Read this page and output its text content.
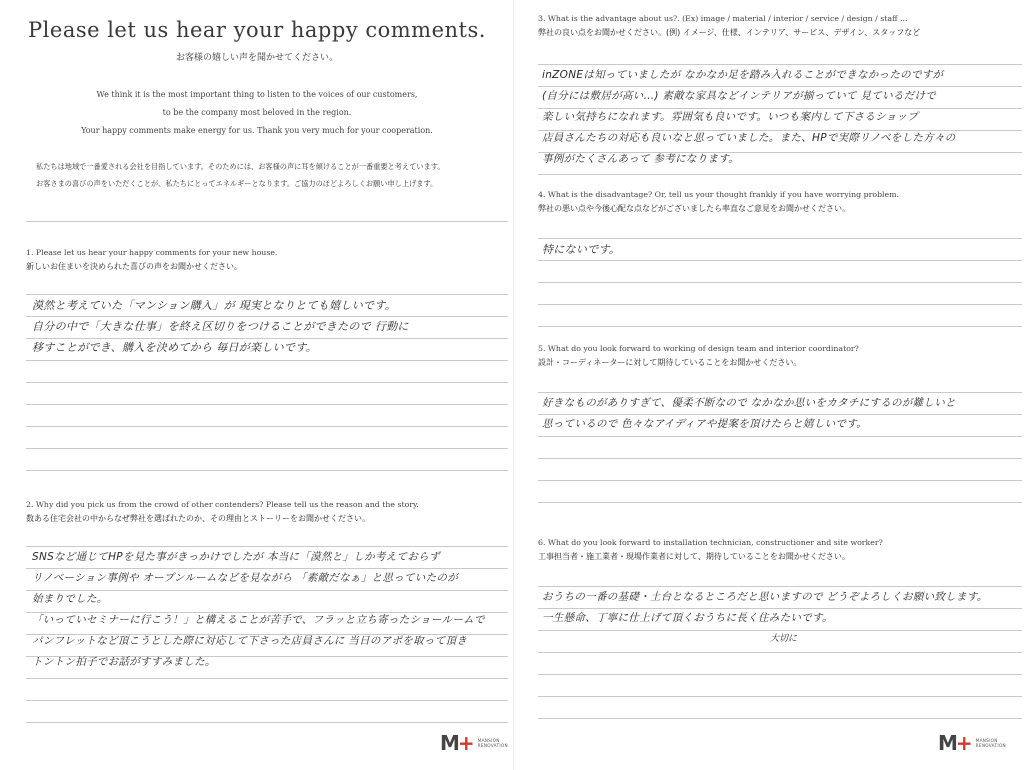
Please let us hear your happy comments.
お客様の嬉しい声を聞かせてください。
We think it is the most important thing to listen to the voices of our customers,
to be the company most beloved in the region.
Your happy comments make energy for us. Thank you very much for your cooperation.
私たちは地域で一番愛される会社を目指しています。そのためには、お客様の声に耳を傾けることが一番重要と考えています。
お客さまの喜びの声をいただくことが、私たちにとってエネルギーとなります。ご協力のほどよろしくお願い申し上げます。
1. Please let us hear your happy comments for your new house.
新しいお住まいを決められた喜びの声をお聞かせください。
漠然と考えていた「マンション購入」が 現実となりとても嬉しいです。
自分の中で「大きな仕事」を終え区切りをつけることができたので 行動に
移すことができ、購入を決めてから 毎日が楽しいです。
2. Why did you pick us from the crowd of other contenders? Please tell us the reason and the story.
数ある住宅会社の中からなぜ弊社を選ばれたのか、その理由とストーリーをお聞かせください。
SNSなど通じてHPを見た事がきっかけでしたが 本当に「漠然と」しか考えておらず
リノベーション事例や オープンルームなどを見ながら 「素敵だなぁ」と思っていたのが
始まりでした。
「いっていセミナーに行こう！」と構えることが苦手で、フラッと立ち寄ったショールームで
パンフレットなど頂こうとした際に対応して下さった店員さんに 当日のアポを取って頂き
トントン拍子でお話がすすみました。
M
+ MANSION
RENOVATION
3. What is the advantage about us?. (Ex) image / material / interior / service / design / staff ...
弊社の良い点をお聞かせください。(例) イメージ、仕様、インテリア、サービス、デザイン、スタッフなど
inZONEは知っていましたが なかなか足を踏み入れることができなかったのですが
(自分には敷居が高い…) 素敵な家具などインテリアが揃っていて 見ているだけで
楽しい気持ちになれます。雰囲気も良いです。いつも案内して下さるショップ
店員さんたちの対応も良いなと思っていました。また、HPで実際リノベをした方々の
事例がたくさんあって 参考になります。
4. What is the disadvantage? Or, tell us your thought frankly if you have worrying problem.
弊社の悪い点や今後心配な点などがございましたら率直なご意見をお聞かせください。
特にないです。
5. What do you look forward to working of design team and interior coordinator?
設計・コーディネーターに対して期待していることをお聞かせください。
好きなものがありすぎて、優柔不断なので なかなか思いをカタチにするのが難しいと
思っているので 色々なアイディアや提案を頂けたらと嬉しいです。
6. What do you look forward to installation technician, constructioner and site worker?
工事担当者・施工業者・現場作業者に対して、期待していることをお聞かせください。
おうちの一番の基礎・土台となるところだと思いますので どうぞよろしくお願い致します。
一生懸命、丁寧に仕上げて頂くおうちに長く住みたいです。
大切に
M
+ MANSION
RENOVATION
